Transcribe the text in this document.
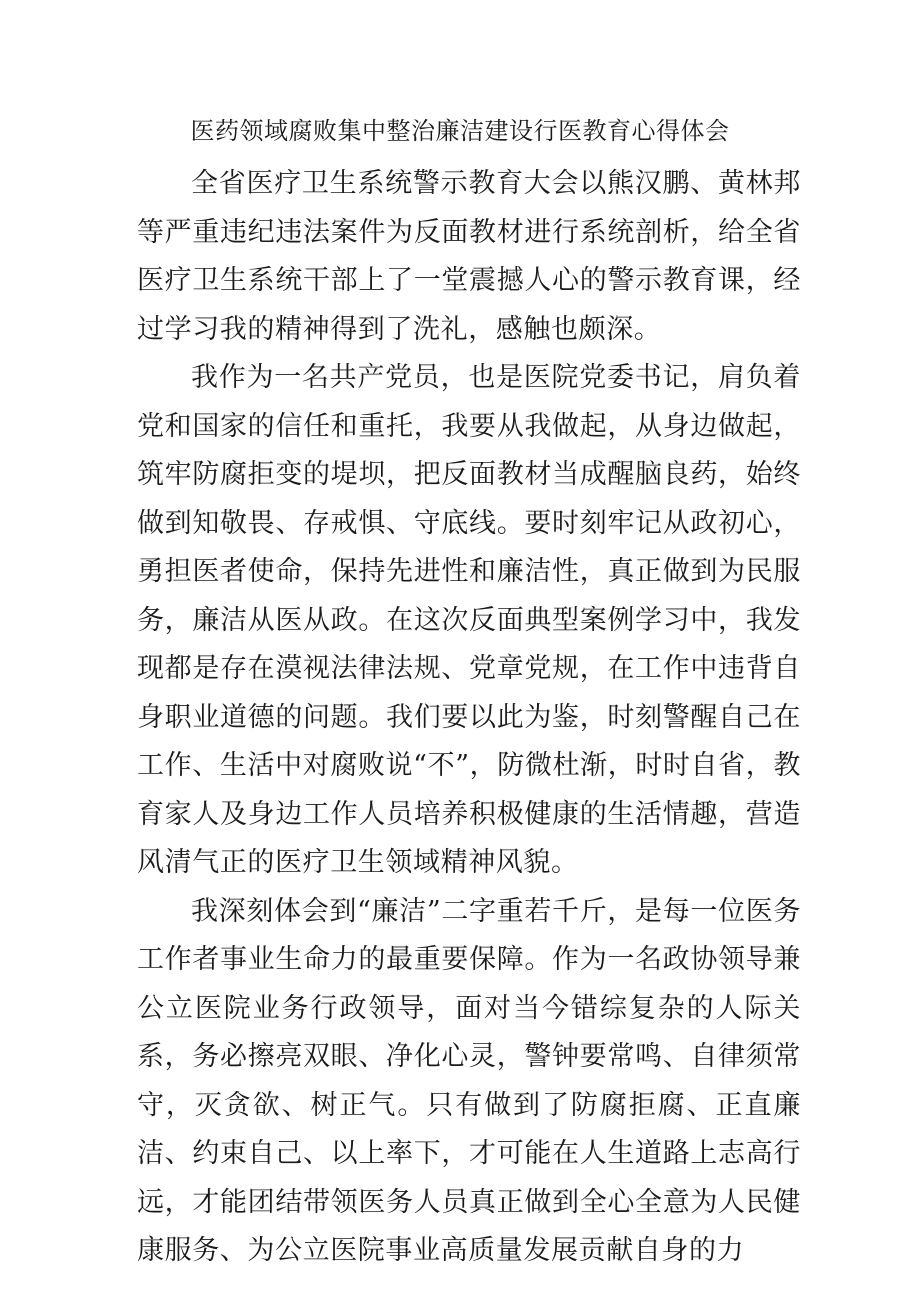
医药领域腐败集中整治廉洁建设行医教育心得体会

全省医疗卫生系统警示教育大会以熊汉鹏、黄林邦等严重违纪违法案件为反面教材进行系统剖析，给全省医疗卫生系统干部上了一堂震撼人心的警示教育课，经过学习我的精神得到了洗礼，感触也颇深。

我作为一名共产党员，也是医院党委书记，肩负着党和国家的信任和重托，我要从我做起，从身边做起，筑牢防腐拒变的堤坝，把反面教材当成醒脑良药，始终做到知敬畏、存戒惧、守底线。要时刻牢记从政初心，勇担医者使命，保持先进性和廉洁性，真正做到为民服务，廉洁从医从政。在这次反面典型案例学习中，我发现都是存在漠视法律法规、党章党规，在工作中违背自身职业道德的问题。我们要以此为鉴，时刻警醒自己在工作、生活中对腐败说“不”，防微杜渐，时时自省，教育家人及身边工作人员培养积极健康的生活情趣，营造风清气正的医疗卫生领域精神风貌。

我深刻体会到“廉洁”二字重若千斤，是每一位医务工作者事业生命力的最重要保障。作为一名政协领导兼公立医院业务行政领导，面对当今错综复杂的人际关系，务必擦亮双眼、净化心灵，警钟要常鸣、自律须常守，灭贪欲、树正气。只有做到了防腐拒腐、正直廉洁、约束自己、以上率下，才可能在人生道路上志高行远，才能团结带领医务人员真正做到全心全意为人民健康服务、为公立医院事业高质量发展贡献自身的力
